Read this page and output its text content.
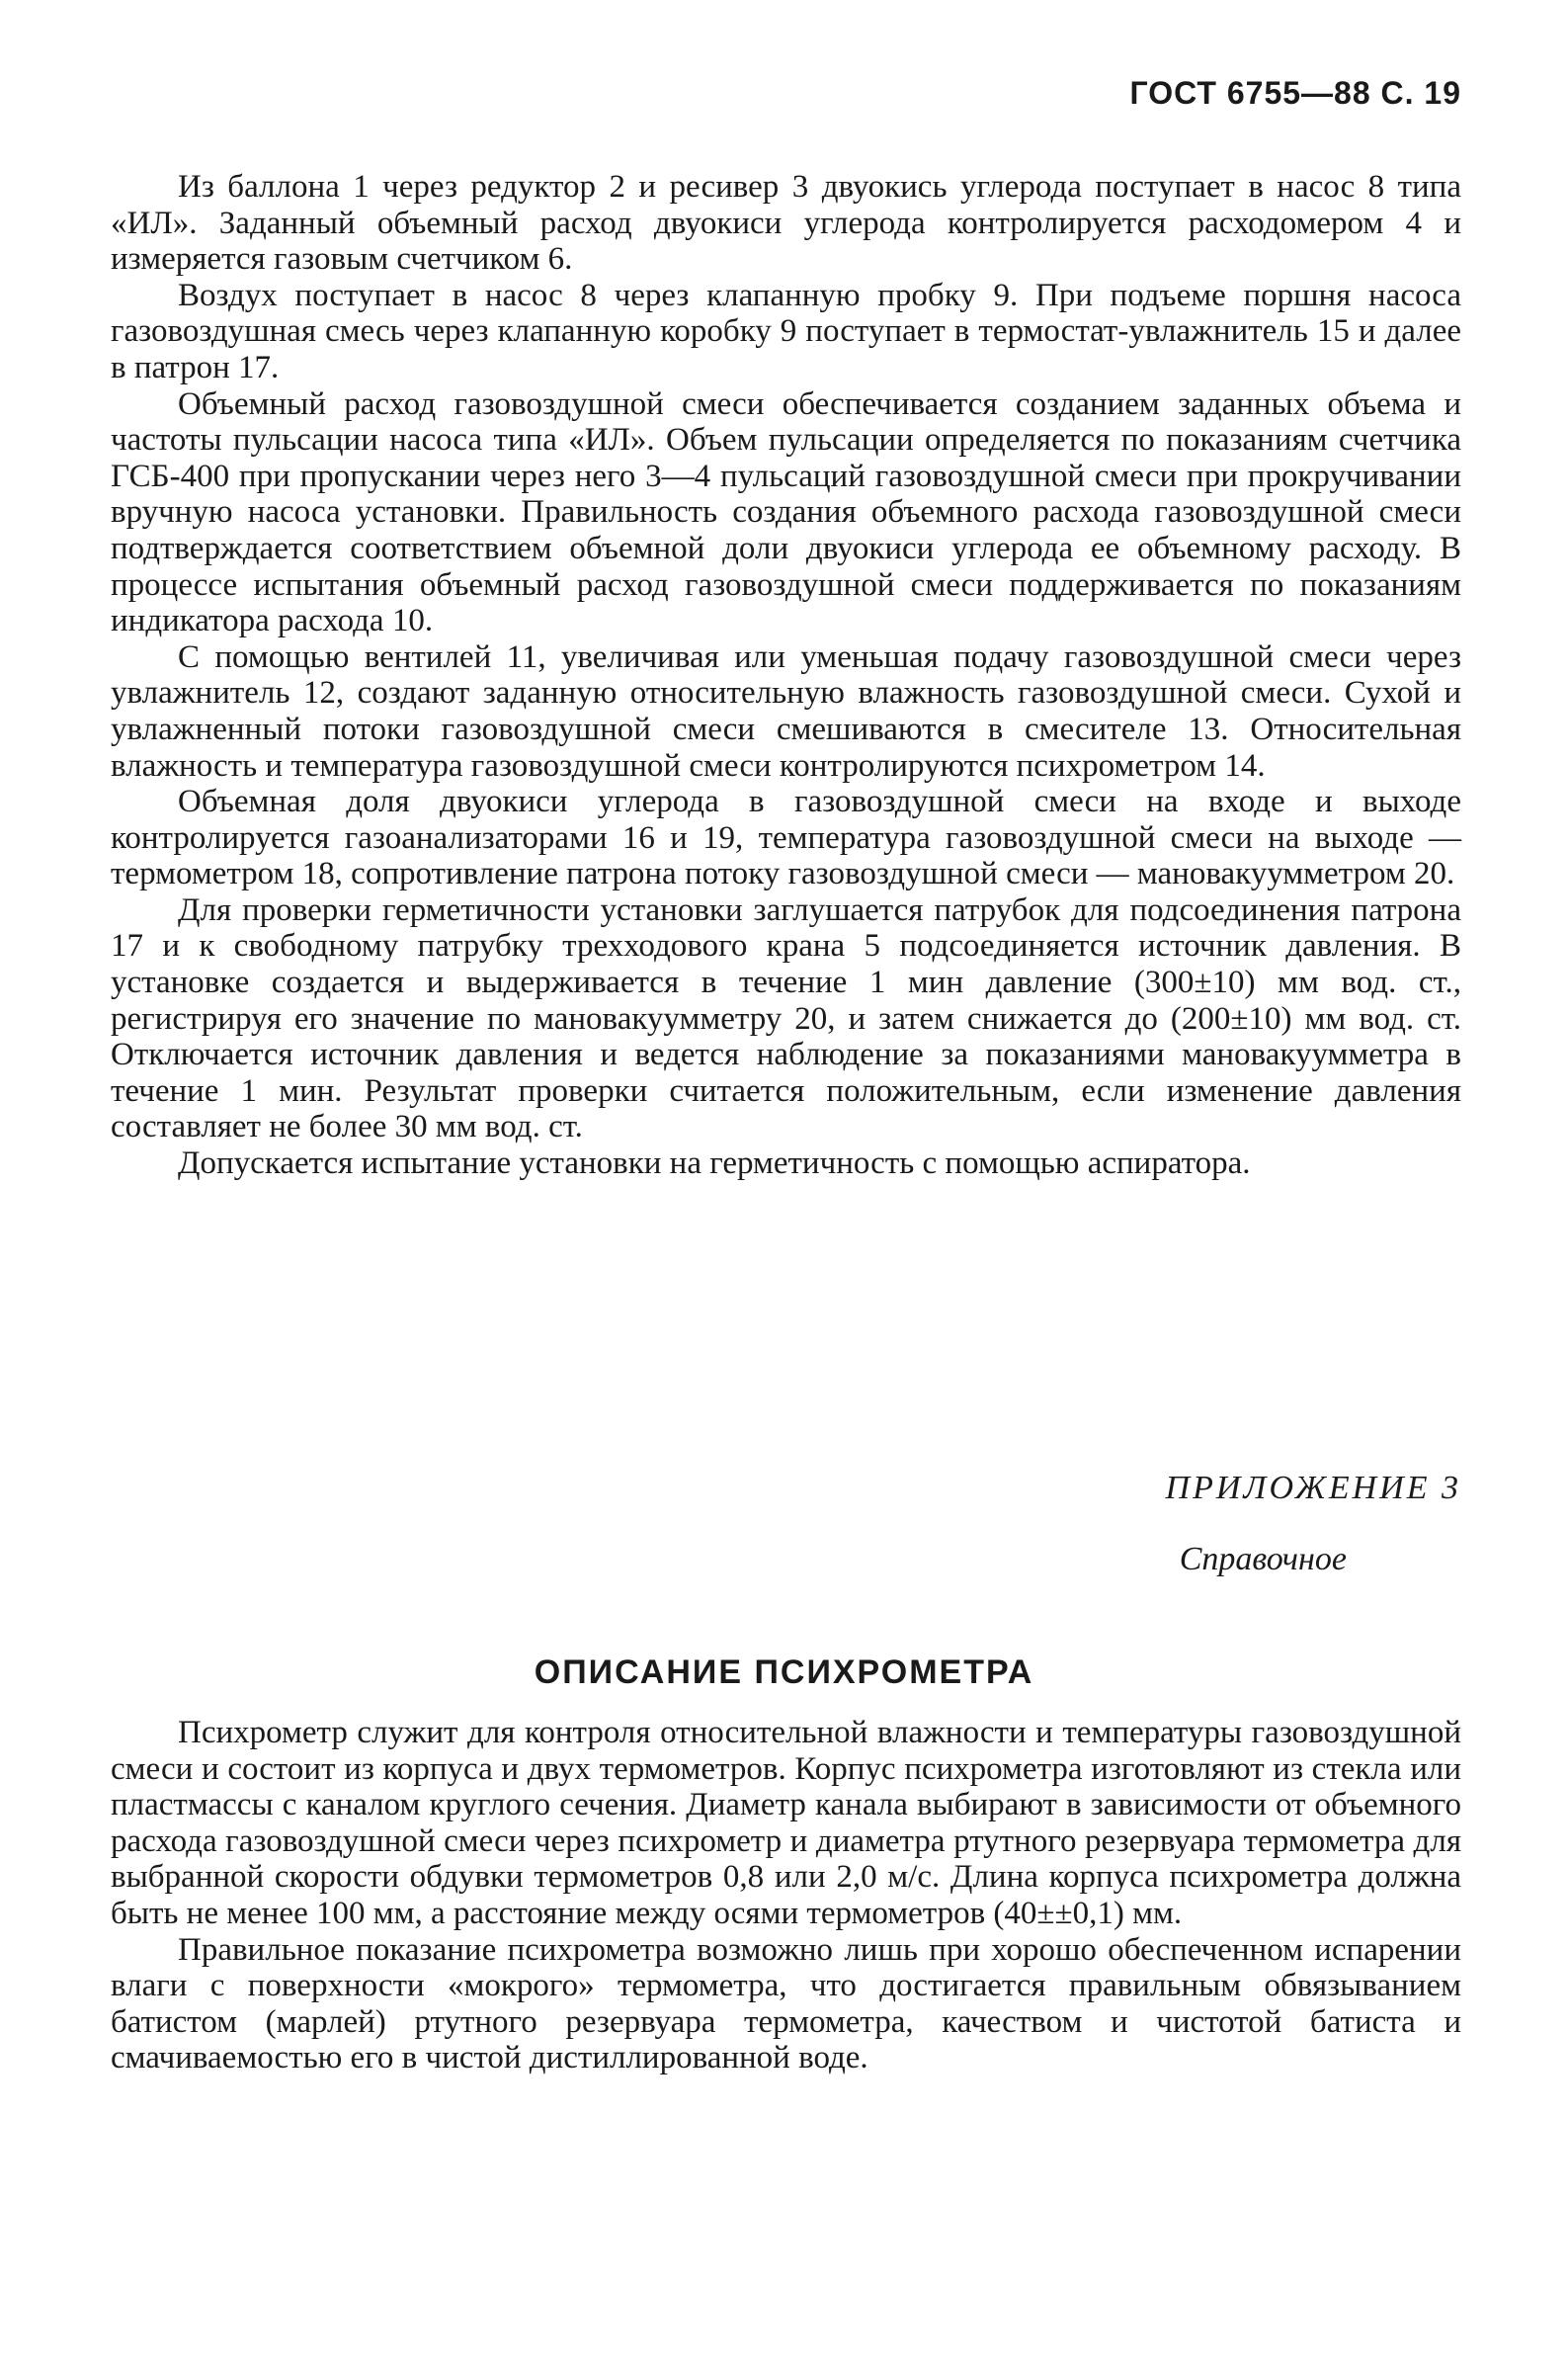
ГОСТ 6755—88 С. 19

Из баллона 1 через редуктор 2 и ресивер 3 двуокись углерода поступает в насос 8 типа «ИЛ». Заданный объемный расход двуокиси углерода контролируется расходомером 4 и измеряется газовым счетчиком 6.

Воздух поступает в насос 8 через клапанную пробку 9. При подъеме поршня насоса газовоздушная смесь через клапанную коробку 9 поступает в термостат-увлажнитель 15 и далее в патрон 17.

Объемный расход газовоздушной смеси обеспечивается созданием заданных объема и частоты пульсации насоса типа «ИЛ». Объем пульсации определяется по показаниям счетчика ГСБ-400 при пропускании через него 3—4 пульсаций газовоздушной смеси при прокручивании вручную насоса установки. Правильность создания объемного расхода газовоздушной смеси подтверждается соответствием объемной доли двуокиси углерода ее объемному расходу. В процессе испытания объемный расход газовоздушной смеси поддерживается по показаниям индикатора расхода 10.

С помощью вентилей 11, увеличивая или уменьшая подачу газовоздушной смеси через увлажнитель 12, создают заданную относительную влажность газовоздушной смеси. Сухой и увлажненный потоки газовоздушной смеси смешиваются в смесителе 13. Относительная влажность и температура газовоздушной смеси контролируются психрометром 14.

Объемная доля двуокиси углерода в газовоздушной смеси на входе и выходе контролируется газоанализаторами 16 и 19, температура газовоздушной смеси на выходе — термометром 18, сопротивление патрона потоку газовоздушной смеси — мановакуумметром 20.

Для проверки герметичности установки заглушается патрубок для подсоединения патрона 17 и к свободному патрубку трехходового крана 5 подсоединяется источник давления. В установке создается и выдерживается в течение 1 мин давление (300±10) мм вод. ст., регистрируя его значение по мановакуумметру 20, и затем снижается до (200±10) мм вод. ст. Отключается источник давления и ведется наблюдение за показаниями мановакуумметра в течение 1 мин. Результат проверки считается положительным, если изменение давления составляет не более 30 мм вод. ст.

Допускается испытание установки на герметичность с помощью аспиратора.

ПРИЛОЖЕНИЕ 3
Справочное
ОПИСАНИЕ ПСИХРОМЕТРА

Психрометр служит для контроля относительной влажности и температуры газовоздушной смеси и состоит из корпуса и двух термометров. Корпус психрометра изготовляют из стекла или пластмассы с каналом круглого сечения. Диаметр канала выбирают в зависимости от объемного расхода газовоздушной смеси через психрометр и диаметра ртутного резервуара термометра для выбранной скорости обдувки термометров 0,8 или 2,0 м/с. Длина корпуса психрометра должна быть не менее 100 мм, а расстояние между осями термометров (40±±0,1) мм.

Правильное показание психрометра возможно лишь при хорошо обеспеченном испарении влаги с поверхности «мокрого» термометра, что достигается правильным обвязыванием батистом (марлей) ртутного резервуара термометра, качеством и чистотой батиста и смачиваемостью его в чистой дистиллированной воде.
